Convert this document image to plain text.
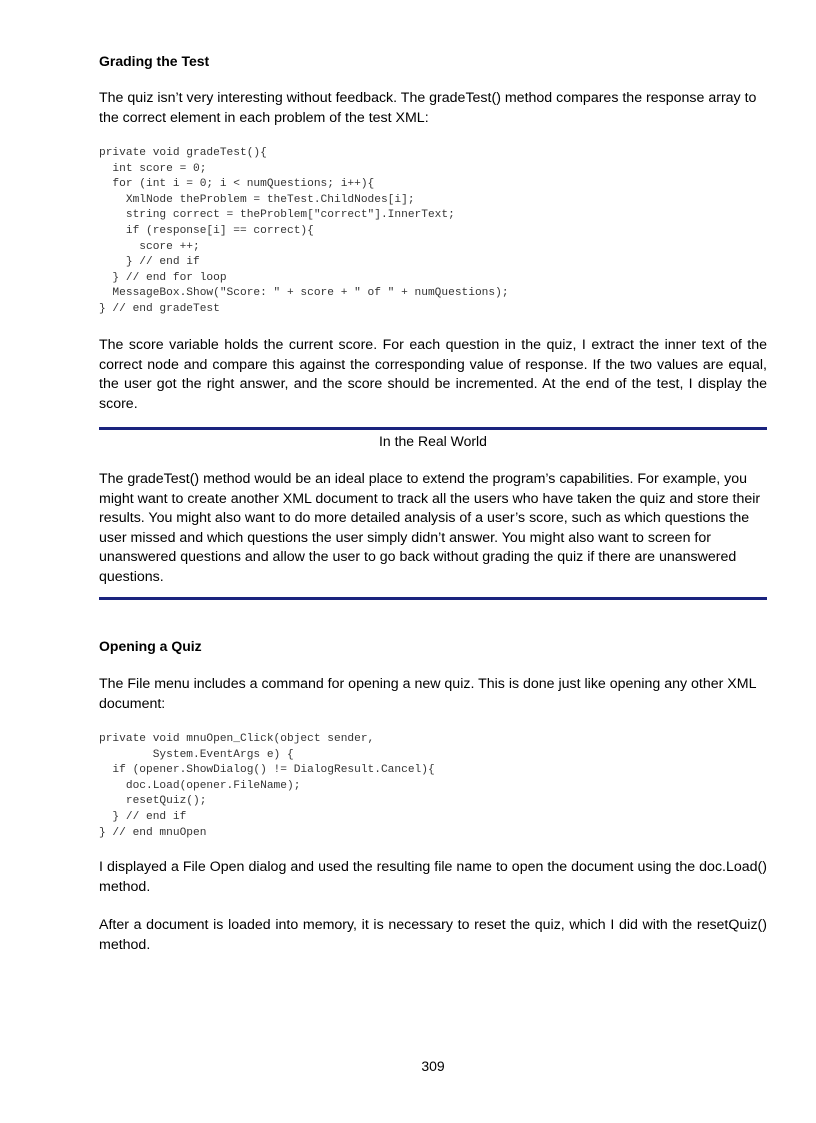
Grading the Test
The quiz isn’t very interesting without feedback. The gradeTest() method compares the response array to the correct element in each problem of the test XML:
private void gradeTest(){
int score = 0;
for (int i = 0; i < numQuestions; i++){
XmlNode theProblem = theTest.ChildNodes[i];
string correct = theProblem["correct"].InnerText;
if (response[i] == correct){
score ++;
} // end if
} // end for loop
MessageBox.Show("Score: " + score + " of " + numQuestions);
} // end gradeTest
The score variable holds the current score. For each question in the quiz, I extract the inner text of the correct node and compare this against the corresponding value of response. If the two values are equal, the user got the right answer, and the score should be incremented. At the end of the test, I display the score.
In the Real World
The gradeTest() method would be an ideal place to extend the program’s capabilities. For example, you might want to create another XML document to track all the users who have taken the quiz and store their results. You might also want to do more detailed analysis of a user’s score, such as which questions the user missed and which questions the user simply didn’t answer. You might also want to screen for unanswered questions and allow the user to go back without grading the quiz if there are unanswered questions.
Opening a Quiz
The File menu includes a command for opening a new quiz. This is done just like opening any other XML document:
private void mnuOpen_Click(object sender,
System.EventArgs e) {
if (opener.ShowDialog() != DialogResult.Cancel){
doc.Load(opener.FileName);
resetQuiz();
} // end if
} // end mnuOpen
I displayed a File Open dialog and used the resulting file name to open the document using the doc.Load() method.
After a document is loaded into memory, it is necessary to reset the quiz, which I did with the resetQuiz() method.
309
